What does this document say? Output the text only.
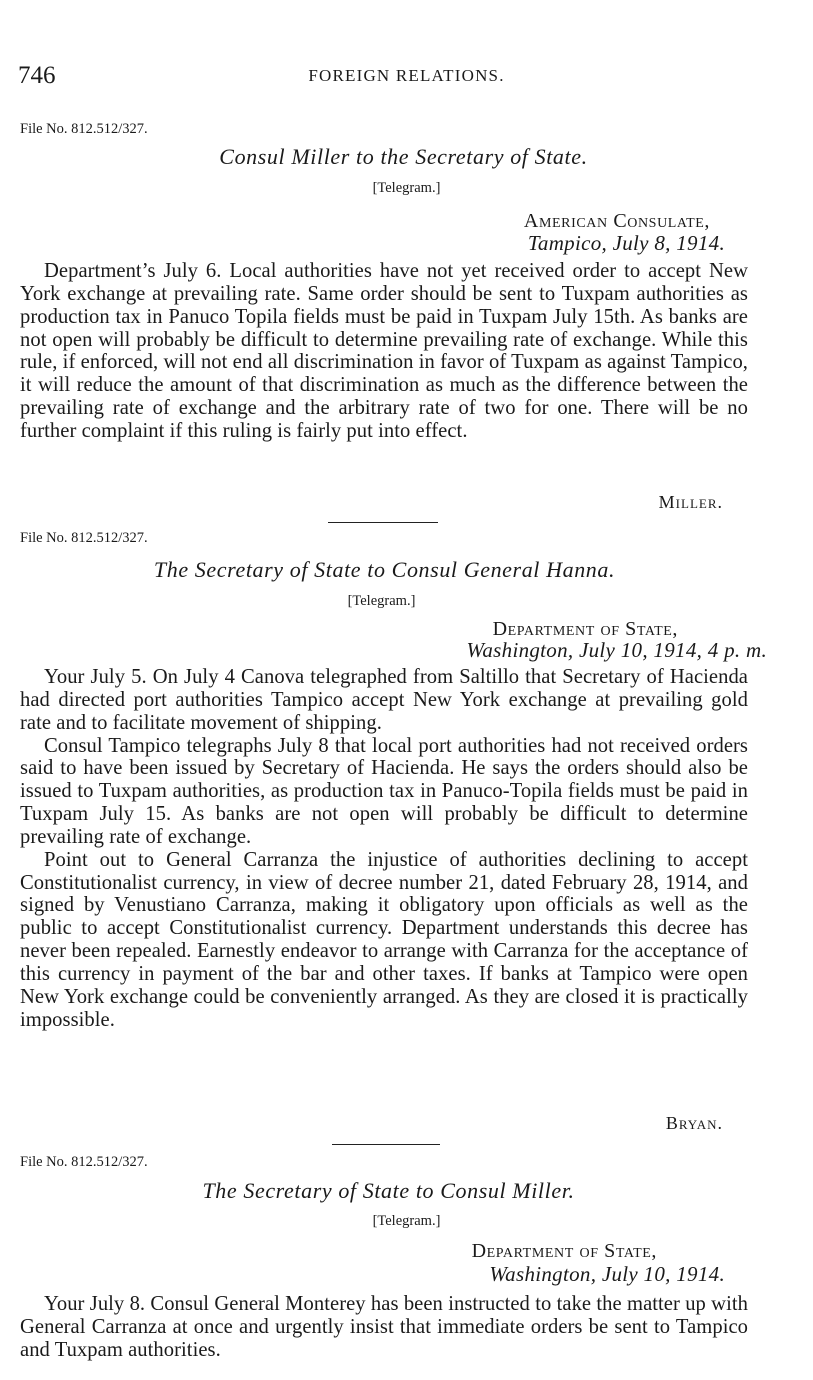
746	FOREIGN RELATIONS.
File No. 812.512/327.
Consul Miller to the Secretary of State.
[Telegram.]
American Consulate,
Tampico, July 8, 1914.

Department’s July 6. Local authorities have not yet received order to accept New York exchange at prevailing rate. Same order should be sent to Tuxpam authorities as production tax in Panuco Topila fields must be paid in Tuxpam July 15th. As banks are not open will probably be difficult to determine prevailing rate of exchange. While this rule, if enforced, will not end all discrimination in favor of Tuxpam as against Tampico, it will reduce the amount of that discrimination as much as the difference between the prevailing rate of exchange and the arbitrary rate of two for one. There will be no further complaint if this ruling is fairly put into effect.

Miller.
File No. 812.512/327.
The Secretary of State to Consul General Hanna.
[Telegram.]
Department of State,
Washington, July 10, 1914, 4 p. m.

Your July 5. On July 4 Canova telegraphed from Saltillo that Secretary of Hacienda had directed port authorities Tampico accept New York exchange at prevailing gold rate and to facilitate movement of shipping.

Consul Tampico telegraphs July 8 that local port authorities had not received orders said to have been issued by Secretary of Hacienda. He says the orders should also be issued to Tuxpam authorities, as production tax in Panuco-Topila fields must be paid in Tuxpam July 15. As banks are not open will probably be difficult to determine prevailing rate of exchange.

Point out to General Carranza the injustice of authorities declining to accept Constitutionalist currency, in view of decree number 21, dated February 28, 1914, and signed by Venustiano Carranza, making it obligatory upon officials as well as the public to accept Constitutionalist currency. Department understands this decree has never been repealed. Earnestly endeavor to arrange with Carranza for the acceptance of this currency in payment of the bar and other taxes. If banks at Tampico were open New York exchange could be conveniently arranged. As they are closed it is practically impossible.

Bryan.
File No. 812.512/327.
The Secretary of State to Consul Miller.
[Telegram.]
Department of State,
Washington, July 10, 1914.

Your July 8. Consul General Monterey has been instructed to take the matter up with General Carranza at once and urgently insist that immediate orders be sent to Tampico and Tuxpam authorities.
